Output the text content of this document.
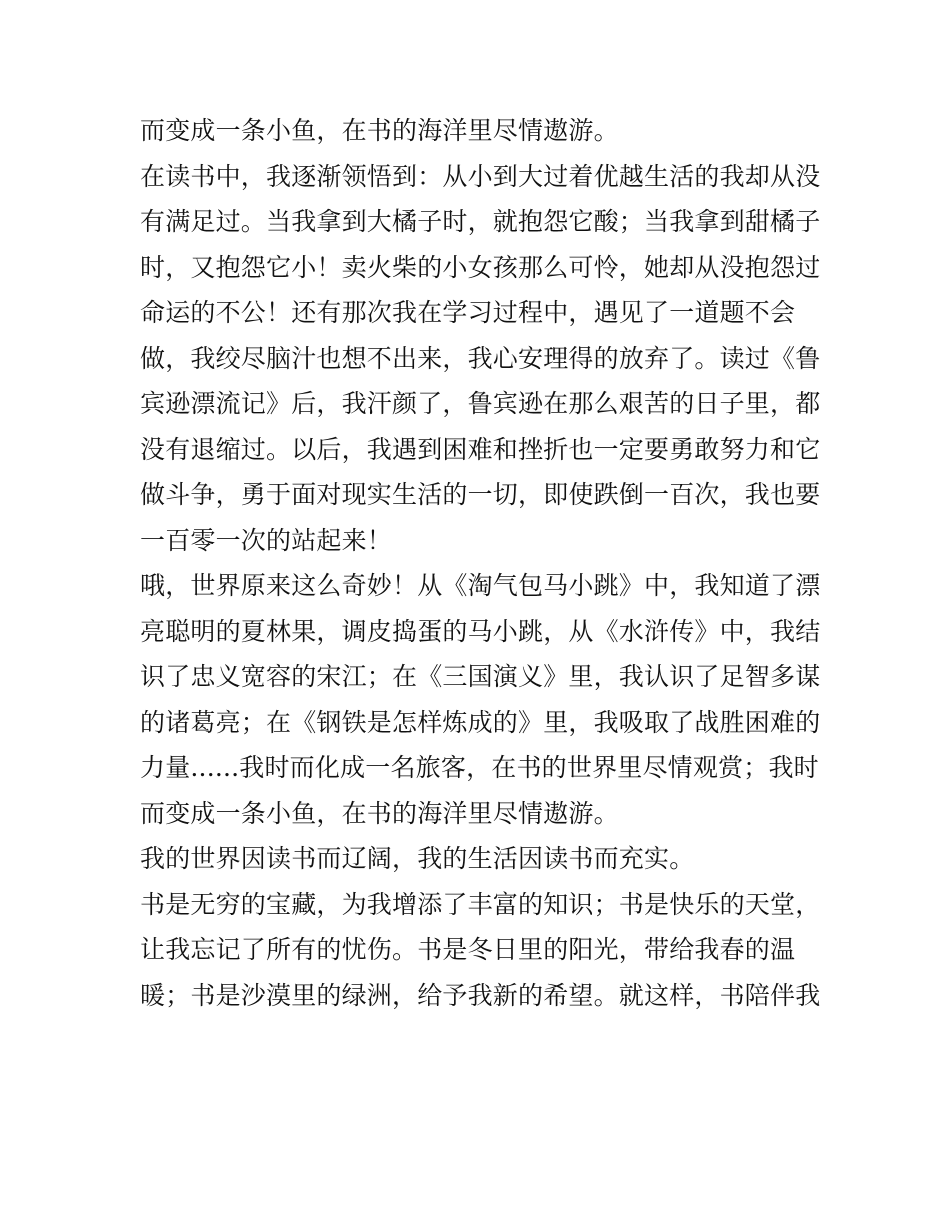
而变成一条小鱼，在书的海洋里尽情遨游。
在读书中，我逐渐领悟到：从小到大过着优越生活的我却从没
有满足过。当我拿到大橘子时，就抱怨它酸；当我拿到甜橘子
时，又抱怨它小！卖火柴的小女孩那么可怜，她却从没抱怨过
命运的不公！还有那次我在学习过程中，遇见了一道题不会
做，我绞尽脑汁也想不出来，我心安理得的放弃了。读过《鲁
宾逊漂流记》后，我汗颜了，鲁宾逊在那么艰苦的日子里，都
没有退缩过。以后，我遇到困难和挫折也一定要勇敢努力和它
做斗争，勇于面对现实生活的一切，即使跌倒一百次，我也要
一百零一次的站起来！
哦，世界原来这么奇妙！从《淘气包马小跳》中，我知道了漂
亮聪明的夏林果，调皮捣蛋的马小跳，从《水浒传》中，我结
识了忠义宽容的宋江；在《三国演义》里，我认识了足智多谋
的诸葛亮；在《钢铁是怎样炼成的》里，我吸取了战胜困难的
力量......我时而化成一名旅客，在书的世界里尽情观赏；我时
而变成一条小鱼，在书的海洋里尽情遨游。
我的世界因读书而辽阔，我的生活因读书而充实。
书是无穷的宝藏，为我增添了丰富的知识；书是快乐的天堂，
让我忘记了所有的忧伤。书是冬日里的阳光，带给我春的温
暖；书是沙漠里的绿洲，给予我新的希望。就这样，书陪伴我
